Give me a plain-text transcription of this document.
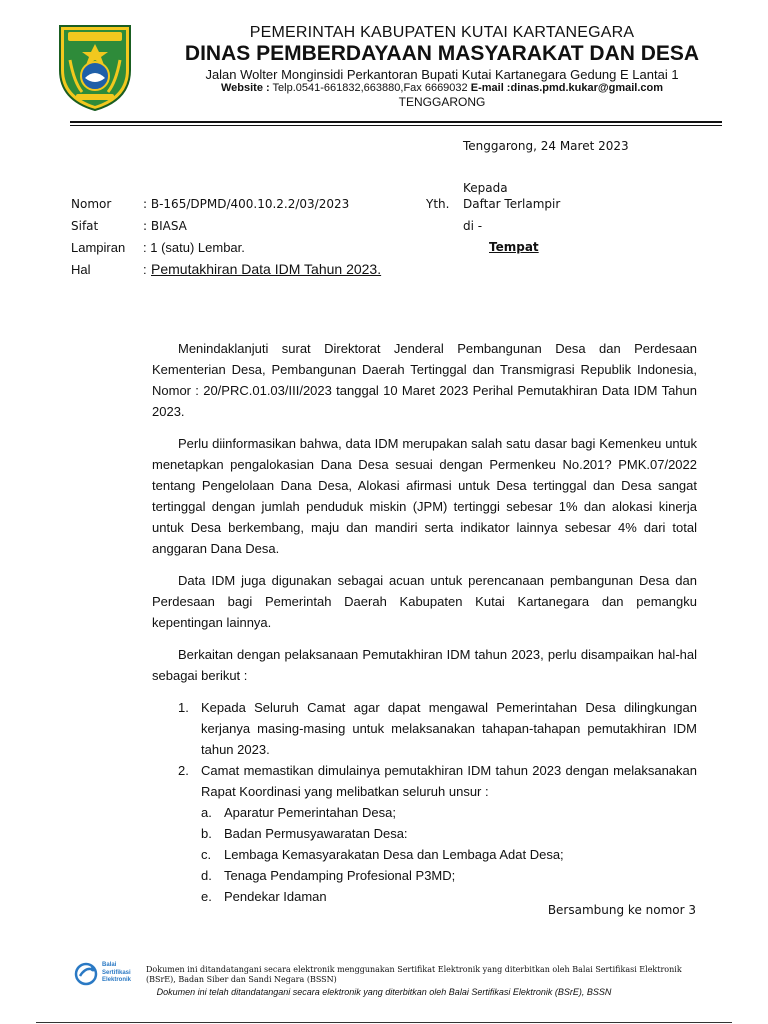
PEMERINTAH KABUPATEN KUTAI KARTANEGARA
DINAS PEMBERDAYAAN MASYARAKAT DAN DESA
Jalan Wolter Monginsidi Perkantoran Bupati Kutai Kartanegara Gedung E Lantai 1
Website : Telp.0541-661832,663880,Fax 6669032 E-mail :dinas.pmd.kukar@gmail.com
TENGGARONG
Tenggarong, 24 Maret 2023
Kepada
Yth. Daftar Terlampir
di -
Tempat
Nomor	: B-165/DPMD/400.10.2.2/03/2023
Sifat	: BIASA
Lampiran : 1 (satu) Lembar.
Hal	: Pemutakhiran Data IDM Tahun 2023.

Menindaklanjuti surat Direktorat Jenderal Pembangunan Desa dan Perdesaan Kementerian Desa, Pembangunan Daerah Tertinggal dan Transmigrasi Republik Indonesia, Nomor : 20/PRC.01.03/III/2023 tanggal 10 Maret 2023 Perihal Pemutakhiran Data IDM Tahun 2023.

Perlu diinformasikan bahwa, data IDM merupakan salah satu dasar bagi Kemenkeu untuk menetapkan pengalokasian Dana Desa sesuai dengan Permenkeu No.201? PMK.07/2022 tentang Pengelolaan Dana Desa, Alokasi afirmasi untuk Desa tertinggal dan Desa sangat tertinggal dengan jumlah penduduk miskin (JPM) tertinggi sebesar 1% dan alokasi kinerja untuk Desa berkembang, maju dan mandiri serta indikator lainnya sebesar 4% dari total anggaran Dana Desa.

Data IDM juga digunakan sebagai acuan untuk perencanaan pembangunan Desa dan Perdesaan bagi Pemerintah Daerah Kabupaten Kutai Kartanegara dan pemangku kepentingan lainnya.

Berkaitan dengan pelaksanaan Pemutakhiran IDM tahun 2023, perlu disampaikan hal-hal sebagai berikut :

1. Kepada Seluruh Camat agar dapat mengawal Pemerintahan Desa dilingkungan kerjanya masing-masing untuk melaksanakan tahapan-tahapan pemutakhiran IDM tahun 2023.
2. Camat memastikan dimulainya pemutakhiran IDM tahun 2023 dengan melaksanakan Rapat Koordinasi yang melibatkan seluruh unsur :
a. Aparatur Pemerintahan Desa;
b. Badan Permusyawaratan Desa:
c. Lembaga Kemasyarakatan Desa dan Lembaga Adat Desa;
d. Tenaga Pendamping Profesional P3MD;
e. Pendekar Idaman
Bersambung ke nomor 3
Balai
Sertifikasi
Elektronik
Dokumen ini ditandatangani secara elektronik menggunakan Sertifikat Elektronik yang diterbitkan oleh Balai Sertifikasi Elektronik
(BSrE), Badan Siber dan Sandi Negara (BSSN)
Dokumen ini telah ditandatangani secara elektronik yang diterbitkan oleh Balai Sertifikasi Elektronik (BSrE), BSSN
